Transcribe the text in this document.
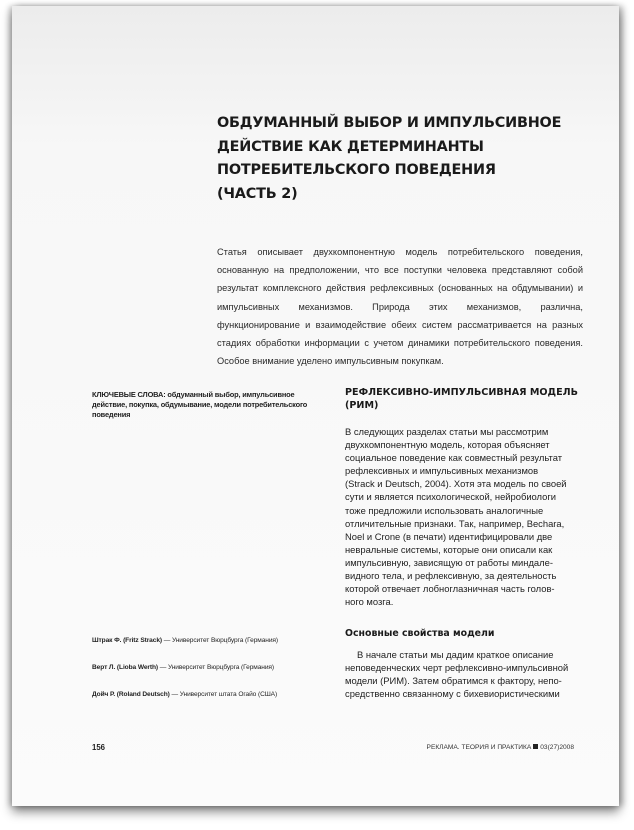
ОБДУМАННЫЙ ВЫБОР И ИМПУЛЬСИВНОЕ
ДЕЙСТВИЕ КАК ДЕТЕРМИНАНТЫ
ПОТРЕБИТЕЛЬСКОГО ПОВЕДЕНИЯ
(ЧАСТЬ 2)

Статья описывает двухкомпонентную модель потребительского поведения, основанную на предположении, что все поступки человека представляют собой результат комплексного действия рефлексивных (основанных на обдумывании) и импульсивных механизмов. Природа этих механизмов, различна, функционирование и взаимодействие обеих систем рассматривается на разных стадиях обработки информации с учетом динамики потребительского поведения. Особое внимание уделено импульсивным покупкам.

КЛЮЧЕВЫЕ СЛОВА: обдуманный выбор, импульсивное действие, покупка, обдумывание, модели потребительского поведения

РЕФЛЕКСИВНО-ИМПУЛЬСИВНАЯ МОДЕЛЬ
(РИМ)
В следующих разделах статьи мы рассмотрим
двухкомпонентную модель, которая объясняет
социальное поведение как совместный результат
рефлексивных и импульсивных механизмов
(Strack и Deutsch, 2004). Хотя эта модель по своей
сути и является психологической, нейробиологи
тоже предложили использовать аналогичные
отличительные признаки. Так, например, Bechara,
Noel и Crone (в печати) идентифицировали две
невральные системы, которые они описали как
импульсивную, зависящую от работы миндале-
видного тела, и рефлексивную, за деятельность
которой отвечает лобноглазничная часть голов-
ного мозга.
Основные свойства модели
В начале статьи мы дадим краткое описание
неповеденческих черт рефлексивно-импульсивной
модели (РИМ). Затем обратимся к фактору, непо-
средственно связанному с бихевиористическими
Штрак Ф. (Fritz Strack) — Университет Вюрцбурга (Германия)
Верт Л. (Lioba Werth) — Университет Вюрцбурга (Германия)
Дойч Р. (Roland Deutsch) — Университет штата Огайо (США)
156	РЕКЛАМА. ТЕОРИЯ И ПРАКТИКА 03(27)2008
